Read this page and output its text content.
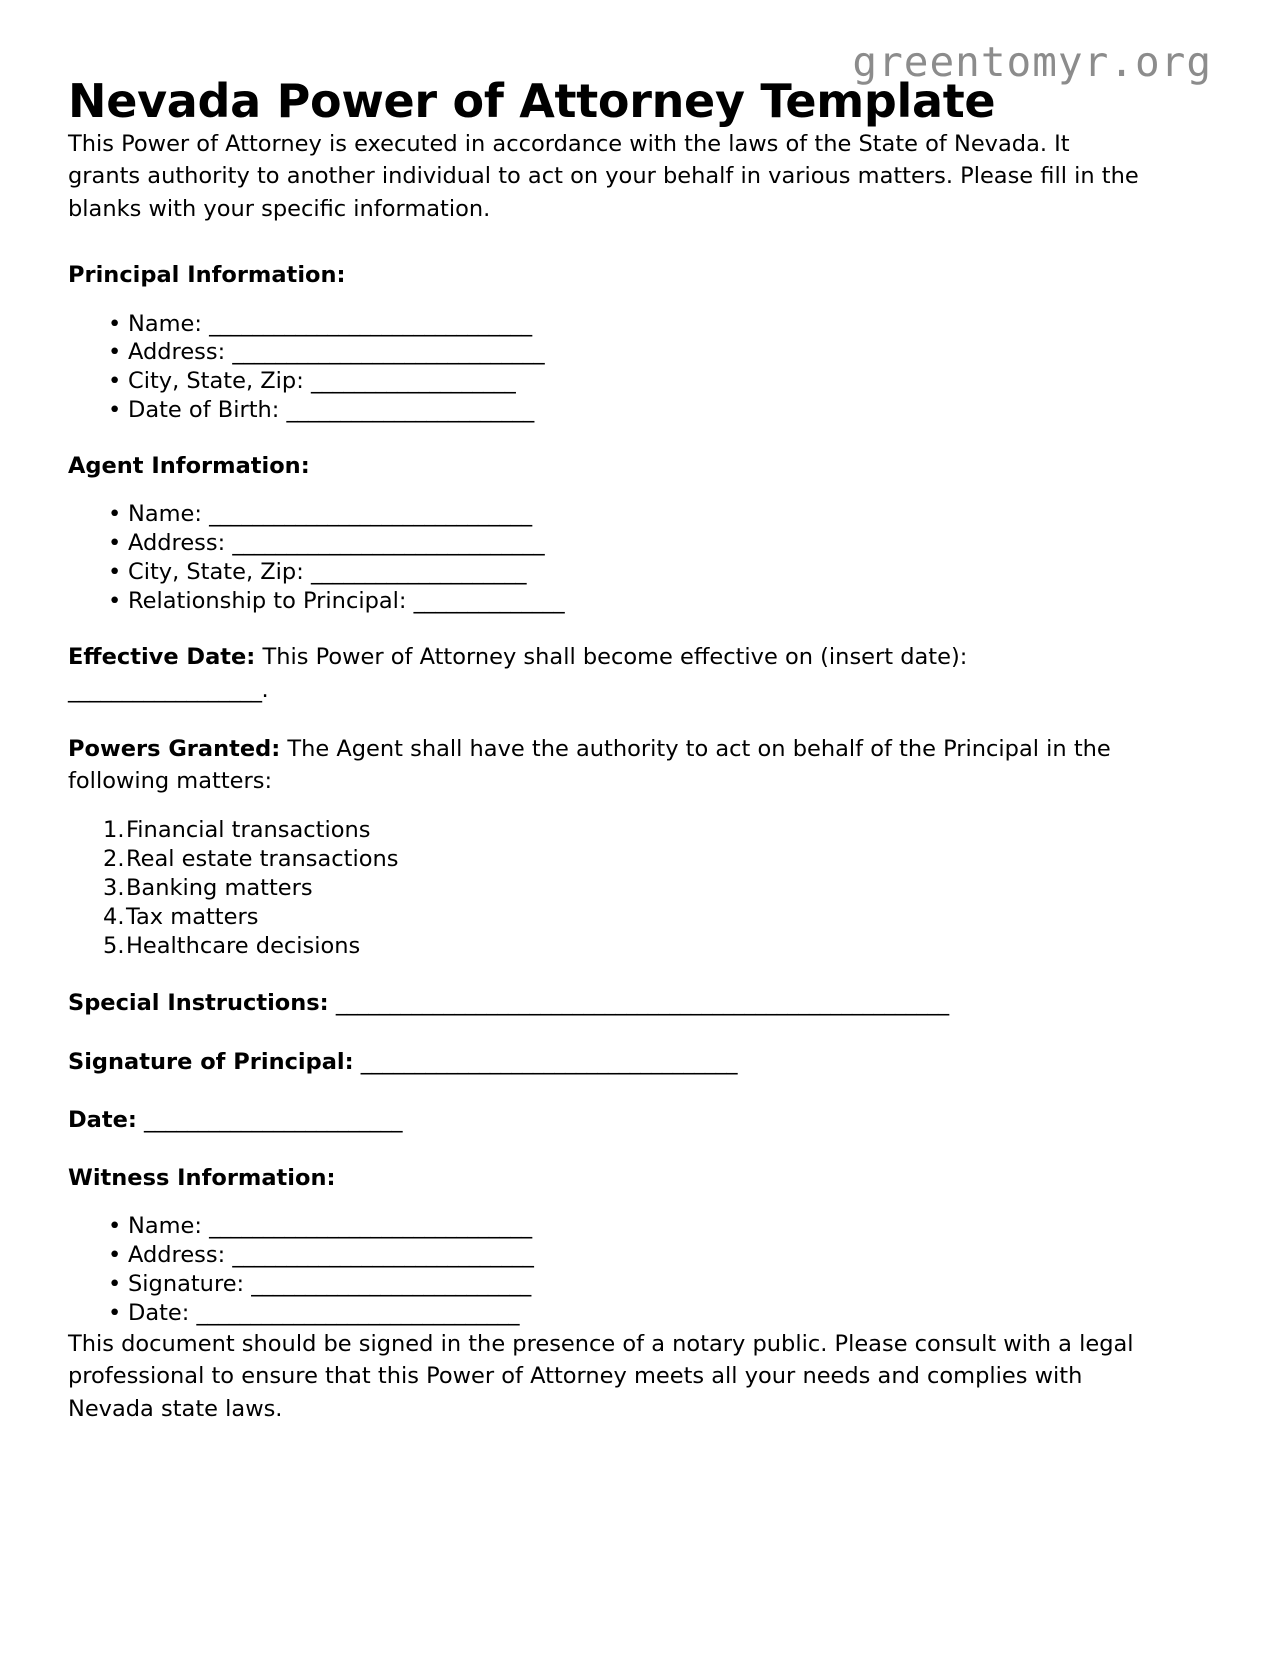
greentomyr.org
Nevada Power of Attorney Template

This Power of Attorney is executed in accordance with the laws of the State of Nevada. It grants authority to another individual to act on your behalf in various matters. Please fill in the blanks with your specific information.

Principal Information:
• Name: ______________________________
• Address: _____________________________
• City, State, Zip: ___________________
• Date of Birth: _______________________
Agent Information:
• Name: ______________________________
• Address: _____________________________
• City, State, Zip: ____________________
• Relationship to Principal: ______________
Effective Date: This Power of Attorney shall become effective on (insert date): __________________.
Powers Granted: The Agent shall have the authority to act on behalf of the Principal in the following matters:
1. Financial transactions
2. Real estate transactions
3. Banking matters
4. Tax matters
5. Healthcare decisions
Special Instructions: _________________________________________________________
Signature of Principal: ___________________________________
Date: ________________________
Witness Information:
• Name: ______________________________
• Address: ____________________________
• Signature: __________________________
• Date: ______________________________

This document should be signed in the presence of a notary public. Please consult with a legal professional to ensure that this Power of Attorney meets all your needs and complies with Nevada state laws.
